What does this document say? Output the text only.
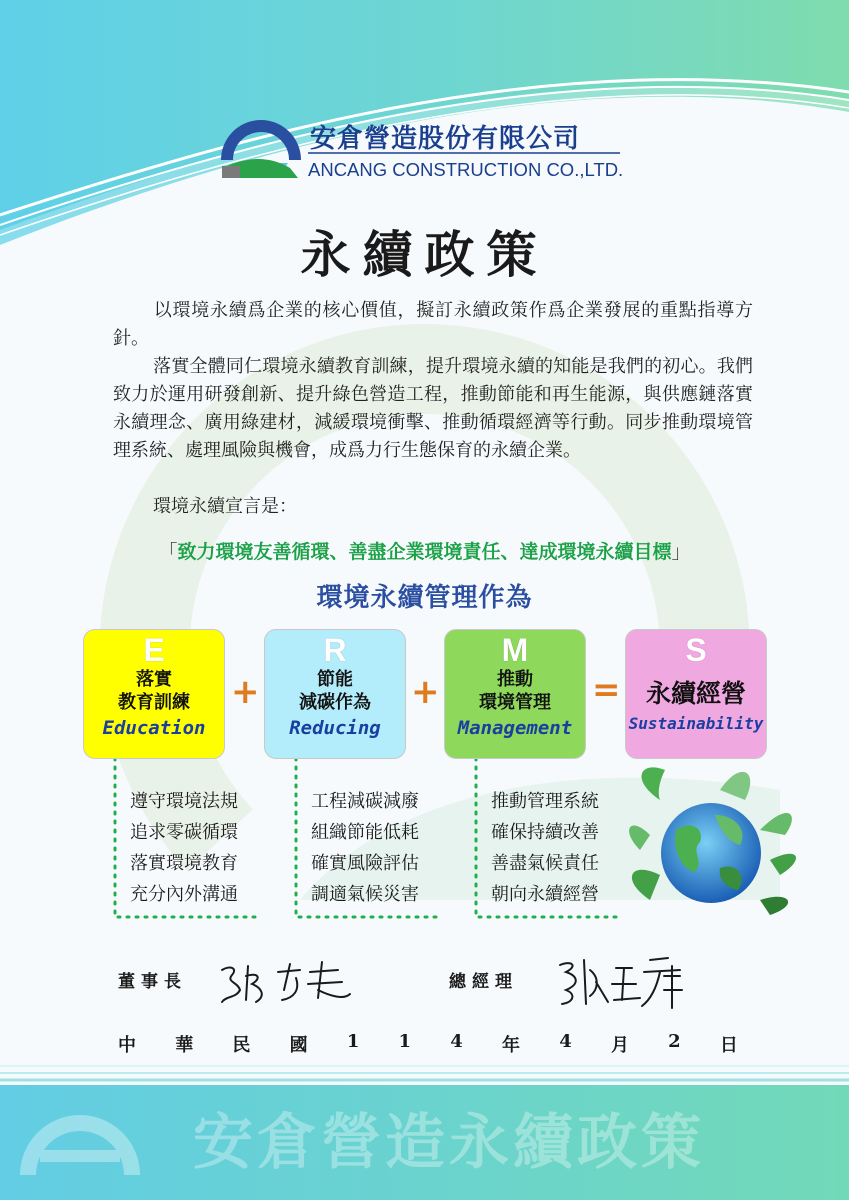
安倉營造股份有限公司
ANCANG CONSTRUCTION CO.,LTD.
永續政策
以環境永續爲企業的核心價值，擬訂永續政策作爲企業發展的重點指導方針。
落實全體同仁環境永續教育訓練，提升環境永續的知能是我們的初心。我們致力於運用研發創新、提升綠色營造工程，推動節能和再生能源，與供應鏈落實永續理念、廣用綠建材，減緩環境衝擊、推動循環經濟等行動。同步推動環境管理系統、處理風險與機會，成爲力行生態保育的永續企業。
環境永續宣言是：
「致力環境友善循環、善盡企業環境責任、達成環境永續目標」
環境永續管理作為
E
落實
教育訓練
Education
+
R
節能
減碳作為
Reducing
+
M
推動
環境管理
Management
=
S
永續經營
Sustainability
遵守環境法規
追求零碳循環
落實環境教育
充分內外溝通
工程減碳減廢
組織節能低耗
確實風險評估
調適氣候災害
推動管理系統
確保持續改善
善盡氣候責任
朝向永續經營
董事長	總經理
中 華 民 國 1 1 4 年 4 月 2 日
安倉營造永續政策
